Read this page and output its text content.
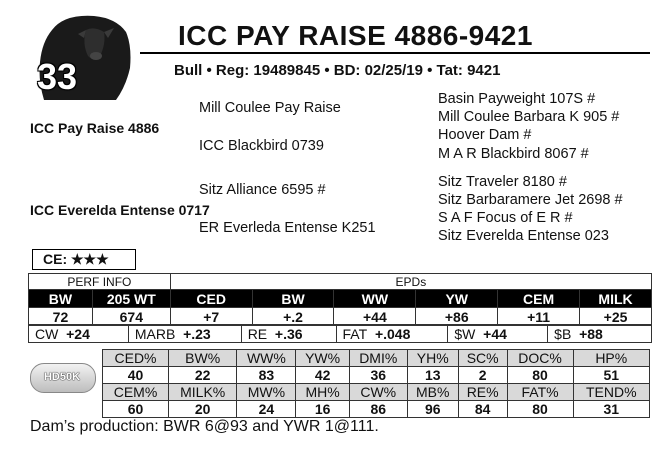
33
ICC PAY RAISE 4886-9421
Bull • Reg: 19489845 • BD: 02/25/19 • Tat: 9421
ICC Pay Raise 4886
ICC Everelda Entense 0717
Mill Coulee Pay Raise
ICC Blackbird 0739
Sitz Alliance 6595 #
ER Everleda Entense K251
Basin Payweight 107S #
Mill Coulee Barbara K 905 #
Hoover Dam #
M A R Blackbird 8067 #
Sitz Traveler 8180 #
Sitz Barbaramere Jet 2698 #
S A F Focus of E R #
Sitz Everelda Entense 023
CE: ★★★
PERF INFO		EPDs					
BW	205 WT	CED	BW	WW	YW	CEM	MILK
72	674	+7	+.2	+44	+86	+11	+25
CW +24	MARB +.23	RE +.36	FAT +.048	$W +44	$B +88
HD50K
CED%	BW%	WW%	YW%	DMI%	YH%	SC%	DOC%	HP%
40	22	83	42	36	13	2	80	51
CEM%	MILK%	MW%	MH%	CW%	MB%	RE%	FAT%	TEND%
60	20	24	16	86	96	84	80	31
Dam’s production: BWR 6@93 and YWR 1@111.
